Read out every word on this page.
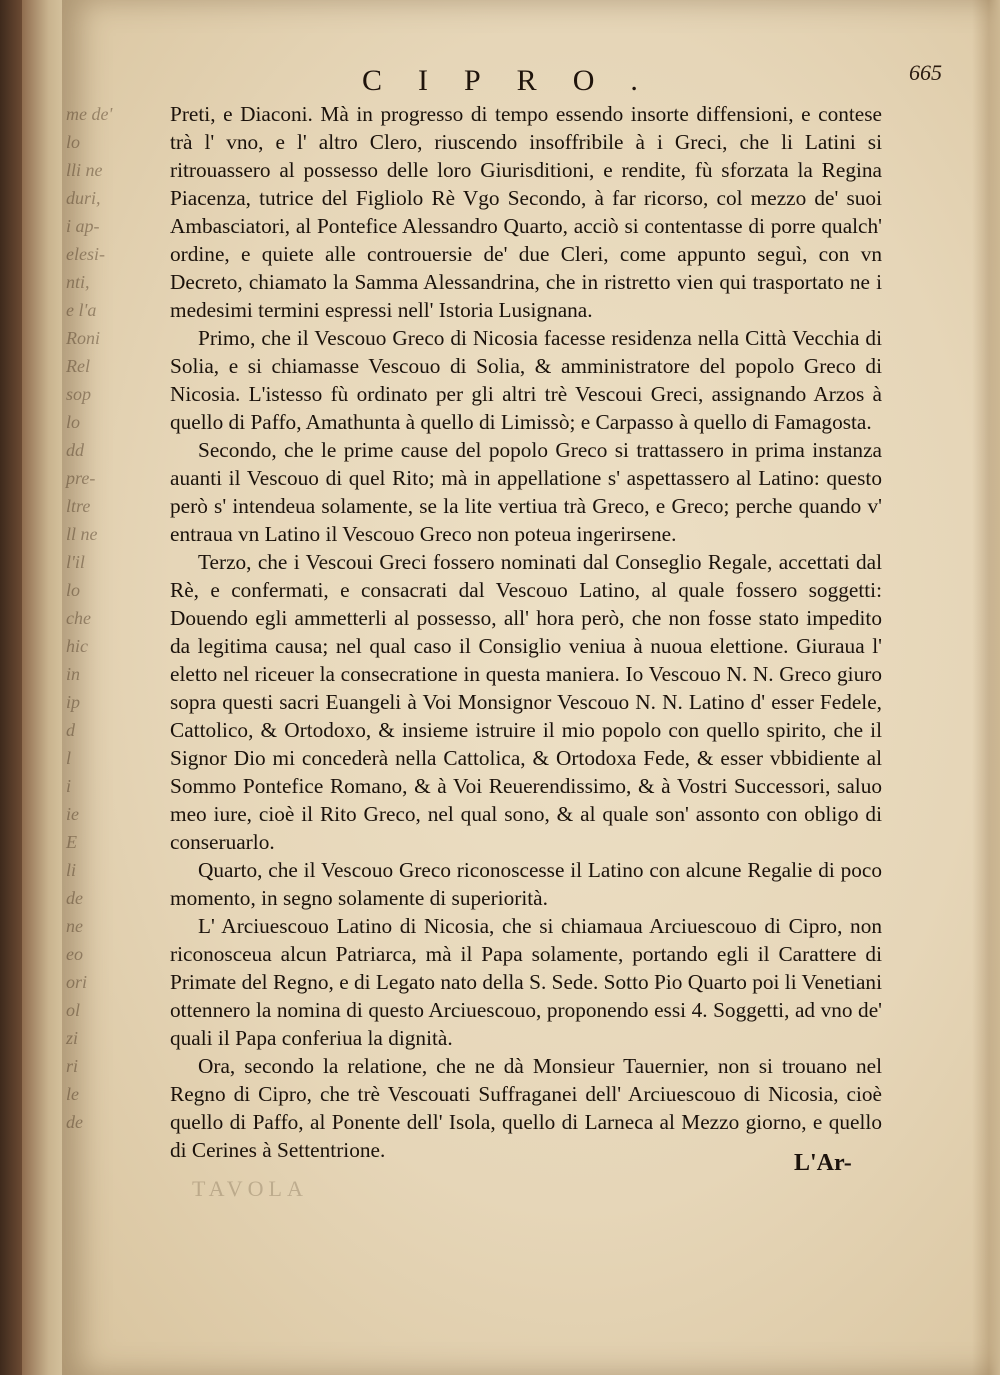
me de'
lo
lli ne
duri,
i ap-
elesi-
nti,
e l'a
Roni
Rel
sop
lo
dd
pre-
ltre
ll ne
l'il
lo
che
hic
in
ip
d
l
i
ie
E
li
de
ne
eo
ori
ol
zi
ri
le
de
CIPRO.	665

Preti, e Diaconi. Mà in progresso di tempo essendo insorte diffensioni, e contese trà l' vno, e l' altro Clero, riuscendo insoffribile à i Greci, che li Latini si ritrouassero al possesso delle loro Giurisditioni, e rendite, fù sforzata la Regina Piacenza, tutrice del Figliolo Rè Vgo Secondo, à far ricorso, col mezzo de' suoi Ambasciatori, al Pontefice Alessandro Quarto, acciò si contentasse di porre qualch' ordine, e quiete alle controuersie de' due Cleri, come appunto seguì, con vn Decreto, chiamato la Samma Alessandrina, che in ristretto vien qui trasportato ne i medesimi termini espressi nell' Istoria Lusignana.

Primo, che il Vescouo Greco di Nicosia facesse residenza nella Città Vecchia di Solia, e si chiamasse Vescouo di Solia, & amministratore del popolo Greco di Nicosia. L'istesso fù ordinato per gli altri trè Vescoui Greci, assignando Arzos à quello di Paffo, Amathunta à quello di Limissò; e Carpasso à quello di Famagosta.

Secondo, che le prime cause del popolo Greco si trattassero in prima instanza auanti il Vescouo di quel Rito; mà in appellatione s' aspettassero al Latino: questo però s' intendeua solamente, se la lite vertiua trà Greco, e Greco; perche quando v' entraua vn Latino il Vescouo Greco non poteua ingerirsene.

Terzo, che i Vescoui Greci fossero nominati dal Conseglio Regale, accettati dal Rè, e confermati, e consacrati dal Vescouo Latino, al quale fossero soggetti: Douendo egli ammetterli al possesso, all' hora però, che non fosse stato impedito da legitima causa; nel qual caso il Consiglio veniua à nuoua elettione. Giuraua l' eletto nel riceuer la consecratione in questa maniera. Io Vescouo N. N. Greco giuro sopra questi sacri Euangeli à Voi Monsignor Vescouo N. N. Latino d' esser Fedele, Cattolico, & Ortodoxo, & insieme istruire il mio popolo con quello spirito, che il Signor Dio mi concederà nella Cattolica, & Ortodoxa Fede, & esser vbbidiente al Sommo Pontefice Romano, & à Voi Reuerendissimo, & à Vostri Successori, saluo meo iure, cioè il Rito Greco, nel qual sono, & al quale son' assonto con obligo di conseruarlo.

Quarto, che il Vescouo Greco riconoscesse il Latino con alcune Regalie di poco momento, in segno solamente di superiorità.

L' Arciuescouo Latino di Nicosia, che si chiamaua Arciuescouo di Cipro, non riconosceua alcun Patriarca, mà il Papa solamente, portando egli il Carattere di Primate del Regno, e di Legato nato della S. Sede. Sotto Pio Quarto poi li Venetiani ottennero la nomina di questo Arciuescouo, proponendo essi 4. Soggetti, ad vno de' quali il Papa conferiua la dignità.

Ora, secondo la relatione, che ne dà Monsieur Tauernier, non si trouano nel Regno di Cipro, che trè Vescouati Suffraganei dell' Arciuescouo di Nicosia, cioè quello di Paffo, al Ponente dell' Isola, quello di Larneca al Mezzo giorno, e quello di Cerines à Settentrione.	L'Ar-
TAVOLA
